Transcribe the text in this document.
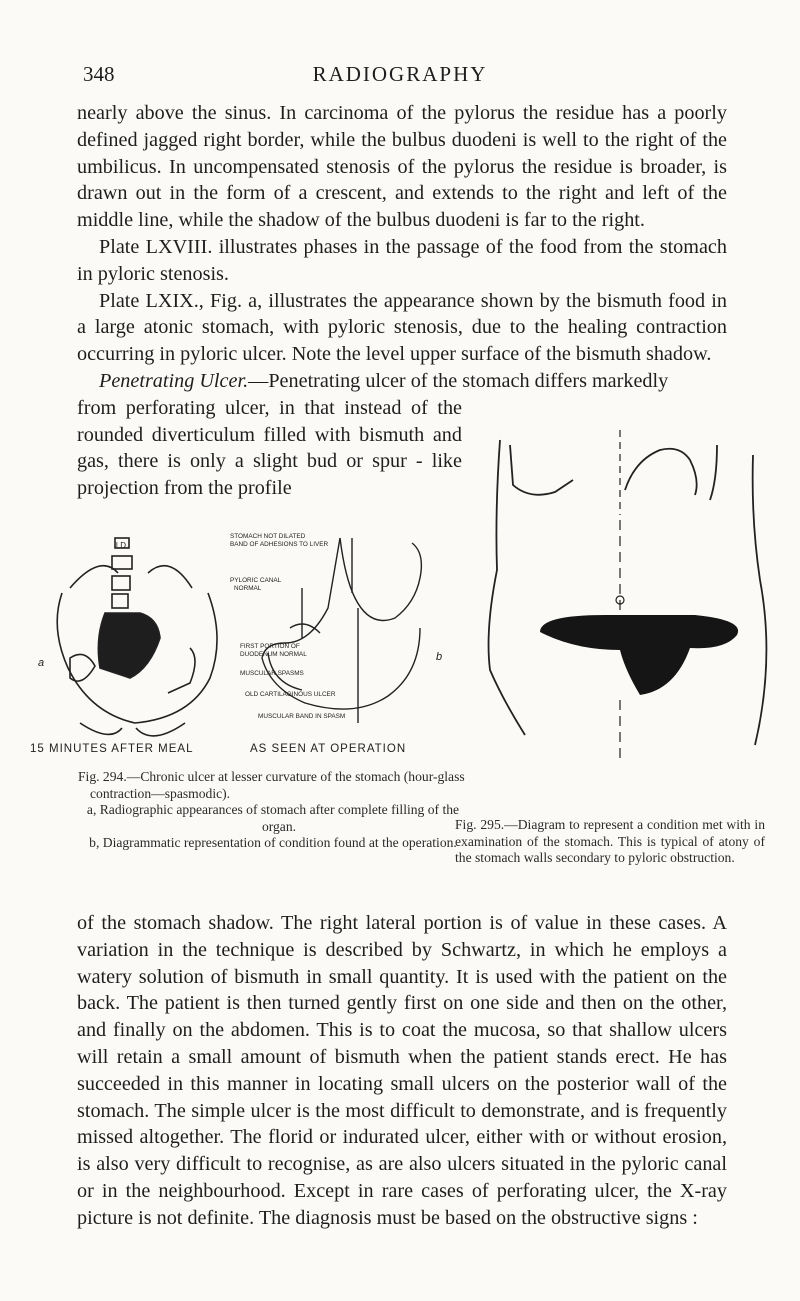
348	RADIOGRAPHY

nearly above the sinus. In carcinoma of the pylorus the residue has a poorly defined jagged right border, while the bulbus duodeni is well to the right of the umbilicus. In uncompensated stenosis of the pylorus the residue is broader, is drawn out in the form of a crescent, and extends to the right and left of the middle line, while the shadow of the bulbus duodeni is far to the right.

Plate LXVIII. illustrates phases in the passage of the food from the stomach in pyloric stenosis.

Plate LXIX., Fig. a, illustrates the appearance shown by the bismuth food in a large atonic stomach, with pyloric stenosis, due to the healing contraction occurring in pyloric ulcer. Note the level upper surface of the bismuth shadow.

Penetrating Ulcer.—Penetrating ulcer of the stomach differs markedly

from perforating ulcer, in that instead of the rounded diverticulum filled with bismuth and gas, there is only a slight bud or spur - like projection from the profile

I.D.
a
15 MINUTES AFTER MEAL
STOMACH NOT DILATED
BAND OF ADHESIONS TO LIVER
PYLORIC CANAL
NORMAL
FIRST PORTION OF
DUODENUM NORMAL
MUSCULAR SPASMS
OLD CARTILAGINOUS ULCER
MUSCULAR BAND IN SPASM
b
AS SEEN AT OPERATION
Fig. 294.—Chronic ulcer at lesser curvature of the stomach (hour-glass contraction—spasmodic).
a, Radiographic appearances of stomach after complete filling of the organ.
b, Diagrammatic representation of condition found at the operation.
Fig. 295.—Diagram to represent a condition met with in examination of the stomach. This is typical of atony of the stomach walls secondary to pyloric obstruction.

of the stomach shadow. The right lateral portion is of value in these cases. A variation in the technique is described by Schwartz, in which he employs a watery solution of bismuth in small quantity. It is used with the patient on the back. The patient is then turned gently first on one side and then on the other, and finally on the abdomen. This is to coat the mucosa, so that shallow ulcers will retain a small amount of bismuth when the patient stands erect. He has succeeded in this manner in locating small ulcers on the posterior wall of the stomach. The simple ulcer is the most difficult to demonstrate, and is frequently missed altogether. The florid or indurated ulcer, either with or without erosion, is also very difficult to recognise, as are also ulcers situated in the pyloric canal or in the neighbourhood. Except in rare cases of perforating ulcer, the X-ray picture is not definite. The diagnosis must be based on the obstructive signs :
